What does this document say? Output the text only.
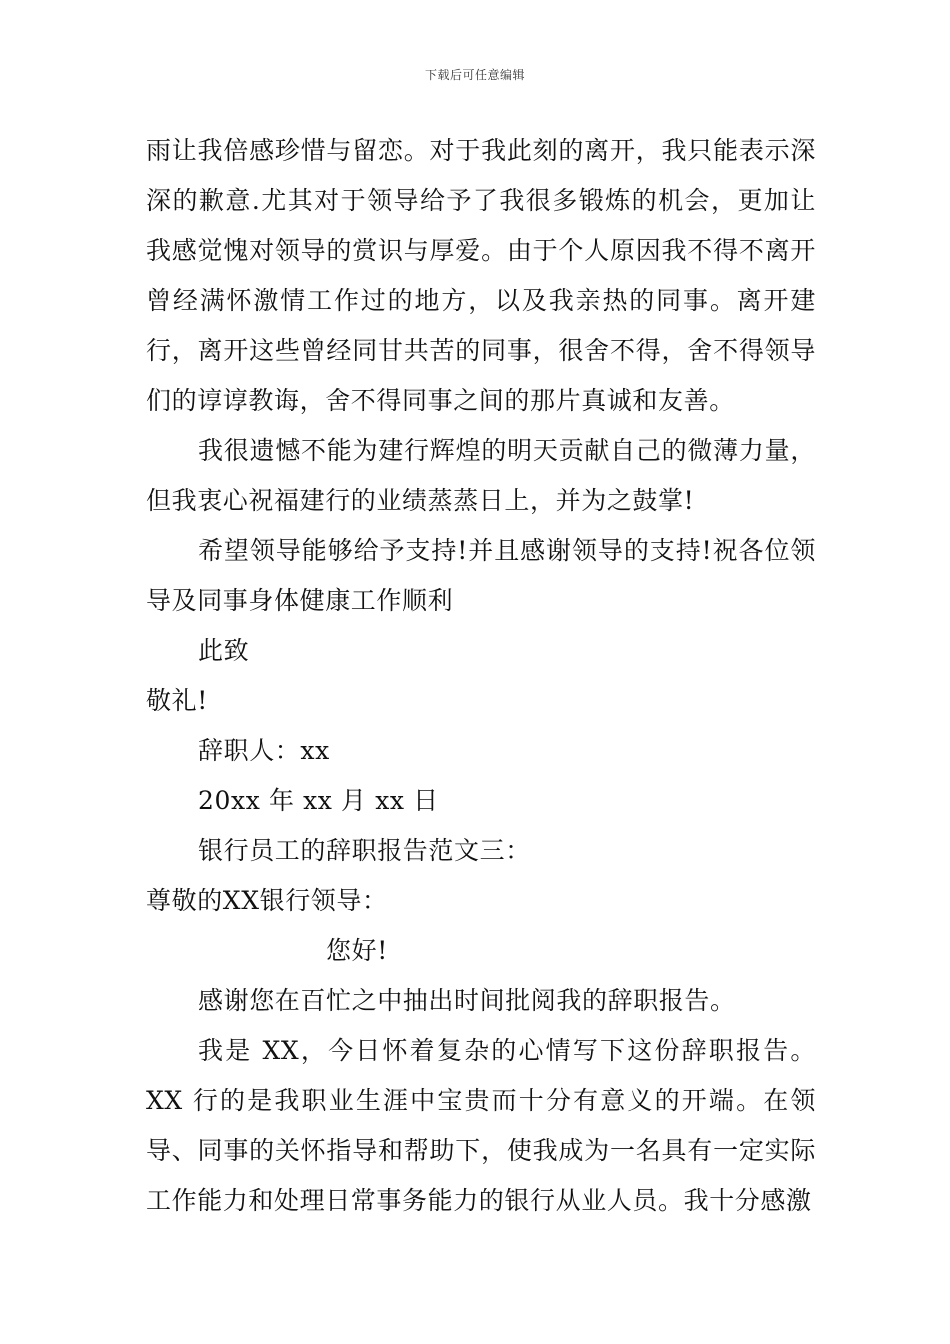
下载后可任意编辑

雨让我倍感珍惜与留恋。对于我此刻的离开，我只能表示深深的歉意.尤其对于领导给予了我很多锻炼的机会，更加让我感觉愧对领导的赏识与厚爱。由于个人原因我不得不离开曾经满怀激情工作过的地方，以及我亲热的同事。离开建行，离开这些曾经同甘共苦的同事，很舍不得，舍不得领导们的谆谆教诲，舍不得同事之间的那片真诚和友善。

我很遗憾不能为建行辉煌的明天贡献自己的微薄力量，但我衷心祝福建行的业绩蒸蒸日上，并为之鼓掌!

希望领导能够给予支持!并且感谢领导的支持!祝各位领导及同事身体健康工作顺利

此致

敬礼!

辞职人：xx

20xx 年 xx 月 xx 日

银行员工的辞职报告范文三：

尊敬的XX银行领导：

您好!

感谢您在百忙之中抽出时间批阅我的辞职报告。

我是 XX，今日怀着复杂的心情写下这份辞职报告。XX 行的是我职业生涯中宝贵而十分有意义的开端。在领导、同事的关怀指导和帮助下，使我成为一名具有一定实际工作能力和处理日常事务能力的银行从业人员。我十分感激
